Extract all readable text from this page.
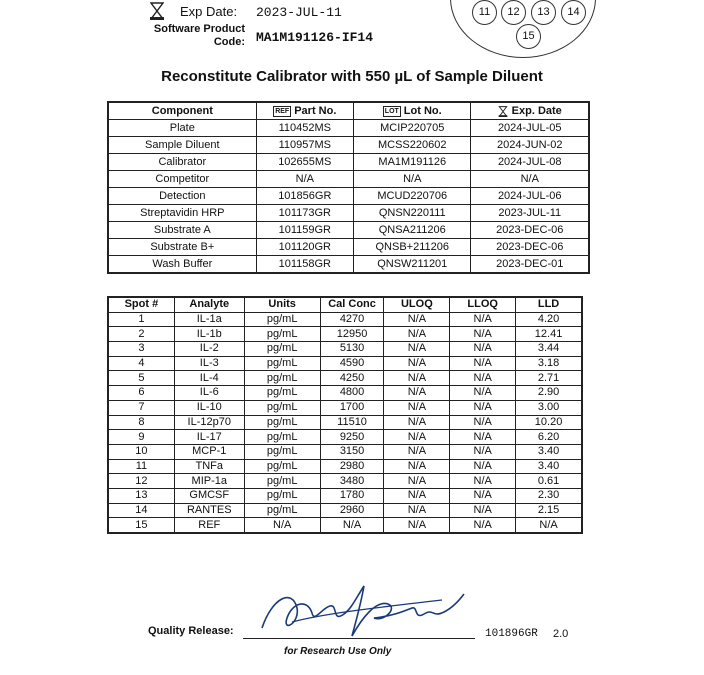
Exp Date: 2023-JUL-11
Software Product
Code: MA1M191126-IF14
11	12	13	14
15
Reconstitute Calibrator with 550 µL of Sample Diluent
Component	REF Part No.	LOT Lot No.	Exp. Date
Plate	110452MS	MCIP220705	2024-JUL-05
Sample Diluent	110957MS	MCSS220602	2024-JUN-02
Calibrator	102655MS	MA1M191126	2024-JUL-08
Competitor	N/A	N/A	N/A
Detection	101856GR	MCUD220706	2024-JUL-06
Streptavidin HRP	101173GR	QNSN220111	2023-JUL-11
Substrate A	101159GR	QNSA211206	2023-DEC-06
Substrate B+	101120GR	QNSB+211206	2023-DEC-06
Wash Buffer	101158GR	QNSW211201	2023-DEC-01
Spot #	Analyte	Units	Cal Conc	ULOQ	LLOQ	LLD
1	IL-1a	pg/mL	4270	N/A	N/A	4.20
2	IL-1b	pg/mL	12950	N/A	N/A	12.41
3	IL-2	pg/mL	5130	N/A	N/A	3.44
4	IL-3	pg/mL	4590	N/A	N/A	3.18
5	IL-4	pg/mL	4250	N/A	N/A	2.71
6	IL-6	pg/mL	4800	N/A	N/A	2.90
7	IL-10	pg/mL	1700	N/A	N/A	3.00
8	IL-12p70	pg/mL	11510	N/A	N/A	10.20
9	IL-17	pg/mL	9250	N/A	N/A	6.20
10	MCP-1	pg/mL	3150	N/A	N/A	3.40
11	TNFa	pg/mL	2980	N/A	N/A	3.40
12	MIP-1a	pg/mL	3480	N/A	N/A	0.61
13	GMCSF	pg/mL	1780	N/A	N/A	2.30
14	RANTES	pg/mL	2960	N/A	N/A	2.15
15	REF	N/A	N/A	N/A	N/A	N/A
Quality Release:	101896GR 2.0
for Research Use Only
